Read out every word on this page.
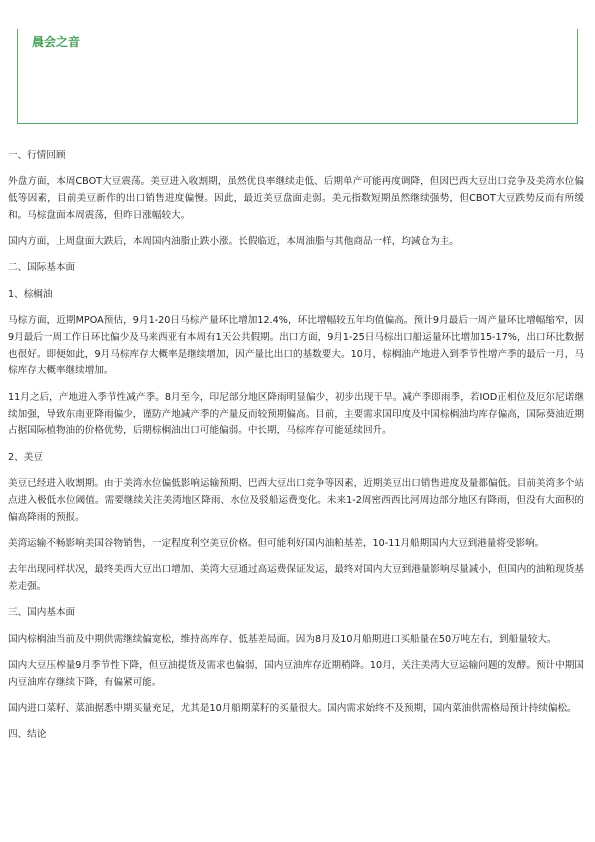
晨会之音

一、行情回顾

外盘方面，本周CBOT大豆震荡。美豆进入收割期，虽然优良率继续走低、后期单产可能再度调降，但因巴西大豆出口竞争及美湾水位偏低等因素，目前美豆新作的出口销售进度偏慢。因此，最近美豆盘面走弱。美元指数短期虽然继续强势，但CBOT大豆跌势反而有所缓和。马棕盘面本周震荡，但昨日涨幅较大。

国内方面，上周盘面大跌后，本周国内油脂止跌小涨。长假临近，本周油脂与其他商品一样，均减仓为主。

二、国际基本面

1、棕榈油

马棕方面，近期MPOA预估，9月1-20日马棕产量环比增加12.4%，环比增幅较五年均值偏高。预计9月最后一周产量环比增幅缩窄，因9月最后一周工作日环比偏少及马来西亚有本周有1天公共假期。出口方面，9月1-25日马棕出口船运量环比增加15-17%，出口环比数据也很好。即便如此，9月马棕库存大概率是继续增加，因产量比出口的基数要大。10月，棕榈油产地进入到季节性增产季的最后一月，马棕库存大概率继续增加。

11月之后，产地进入季节性减产季。8月至今，印尼部分地区降雨明显偏少，初步出现干旱。减产季即雨季，若IOD正相位及厄尔尼诺继续加强，导致东南亚降雨偏少，谨防产地减产季的产量反而较预期偏高。目前，主要需求国印度及中国棕榈油均库存偏高，国际葵油近期占据国际植物油的价格优势，后期棕榈油出口可能偏弱。中长期，马棕库存可能延续回升。

2、美豆

美豆已经进入收割期。由于美湾水位偏低影响运输预期、巴西大豆出口竞争等因素，近期美豆出口销售进度及量都偏低。目前美湾多个站点进入极低水位阈值。需要继续关注美湾地区降雨、水位及驳船运费变化。未来1-2周密西西比河周边部分地区有降雨，但没有大面积的偏高降雨的预报。

美湾运输不畅影响美国谷物销售，一定程度利空美豆价格。但可能利好国内油粕基差，10-11月船期国内大豆到港量将受影响。

去年出现同样状况，最终美西大豆出口增加、美湾大豆通过高运费保证发运，最终对国内大豆到港量影响尽量减小，但国内的油粕现货基差走强。

三、国内基本面

国内棕榈油当前及中期供需继续偏宽松，维持高库存、低基差局面。因为8月及10月船期进口买船量在50万吨左右，到船量较大。

国内大豆压榨量9月季节性下降，但豆油提货及需求也偏弱，国内豆油库存近期稍降。10月，关注美湾大豆运输问题的发酵。预计中期国内豆油库存继续下降，有偏紧可能。

国内进口菜籽、菜油据悉中期买量充足，尤其是10月船期菜籽的买量很大。国内需求始终不及预期，国内菜油供需格局预计持续偏松。

四、结论
